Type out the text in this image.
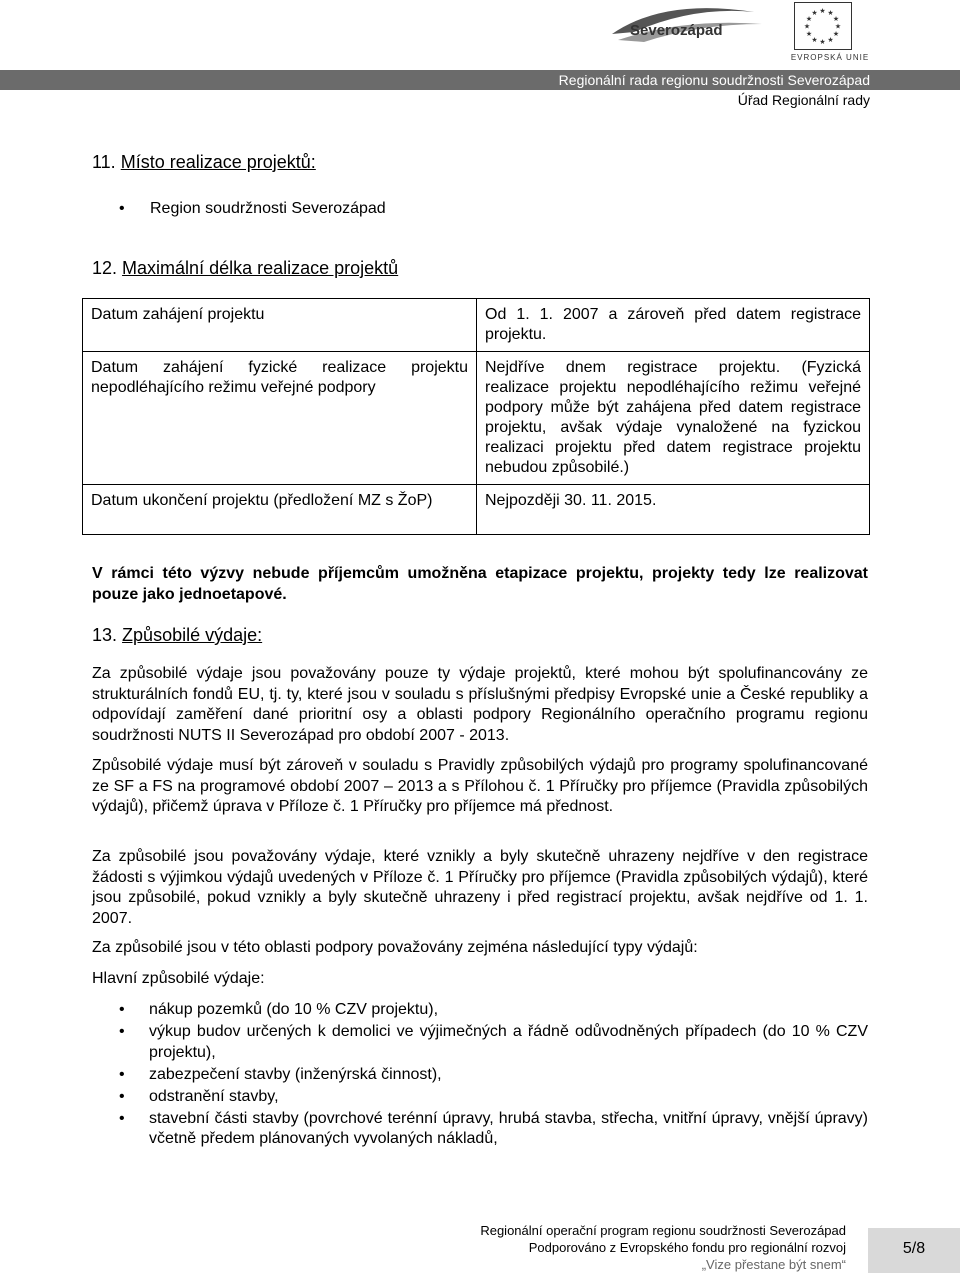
Severozápad
★ ★
★
★
★
★
★
★
★
★
★
★
EVROPSKÁ UNIE
Regionální rada regionu soudržnosti Severozápad
Úřad Regionální rady
11. Místo realizace projektů:
• Region soudržnosti Severozápad
12. Maximální délka realizace projektů
Datum zahájení projektu	Od 1. 1. 2007 a zároveň před datem registrace projektu.
Datum zahájení fyzické realizace projektu nepodléhajícího režimu veřejné podpory	Nejdříve dnem registrace projektu. (Fyzická realizace projektu nepodléhajícího režimu veřejné podpory může být zahájena před datem registrace projektu, avšak výdaje vynaložené na fyzickou realizaci projektu před datem registrace projektu nebudou způsobilé.)
Datum ukončení projektu (předložení MZ s ŽoP)	Nejpozději 30. 11. 2015.
V rámci této výzvy nebude příjemcům umožněna etapizace projektu, projekty tedy lze realizovat pouze jako jednoetapové.
13. Způsobilé výdaje:
Za způsobilé výdaje jsou považovány pouze ty výdaje projektů, které mohou být spolufinancovány ze strukturálních fondů EU, tj. ty, které jsou v souladu s příslušnými předpisy Evropské unie a České republiky a odpovídají zaměření dané prioritní osy a oblasti podpory Regionálního operačního programu regionu soudržnosti NUTS II Severozápad pro období 2007 - 2013.
Způsobilé výdaje musí být zároveň v souladu s Pravidly způsobilých výdajů pro programy spolufinancované ze SF a FS na programové období 2007 – 2013 a s Přílohou č. 1 Příručky pro příjemce (Pravidla způsobilých výdajů), přičemž úprava v Příloze č. 1 Příručky pro příjemce má přednost.
Za způsobilé jsou považovány výdaje, které vznikly a byly skutečně uhrazeny nejdříve v den registrace žádosti s výjimkou výdajů uvedených v Příloze č. 1 Příručky pro příjemce (Pravidla způsobilých výdajů), které jsou způsobilé, pokud vznikly a byly skutečně uhrazeny i před registrací projektu, avšak nejdříve od 1. 1. 2007.
Za způsobilé jsou v této oblasti podpory považovány zejména následující typy výdajů:
Hlavní způsobilé výdaje:
• nákup pozemků (do 10 % CZV projektu),
• výkup budov určených k demolici ve výjimečných a řádně odůvodněných případech (do 10 % CZV projektu),
• zabezpečení stavby (inženýrská činnost),
• odstranění stavby,
• stavební části stavby (povrchové terénní úpravy, hrubá stavba, střecha, vnitřní úpravy, vnější úpravy) včetně předem plánovaných vyvolaných nákladů,
Regionální operační program regionu soudržnosti Severozápad
Podporováno z Evropského fondu pro regionální rozvoj
„Vize přestane být snem“
5/8
